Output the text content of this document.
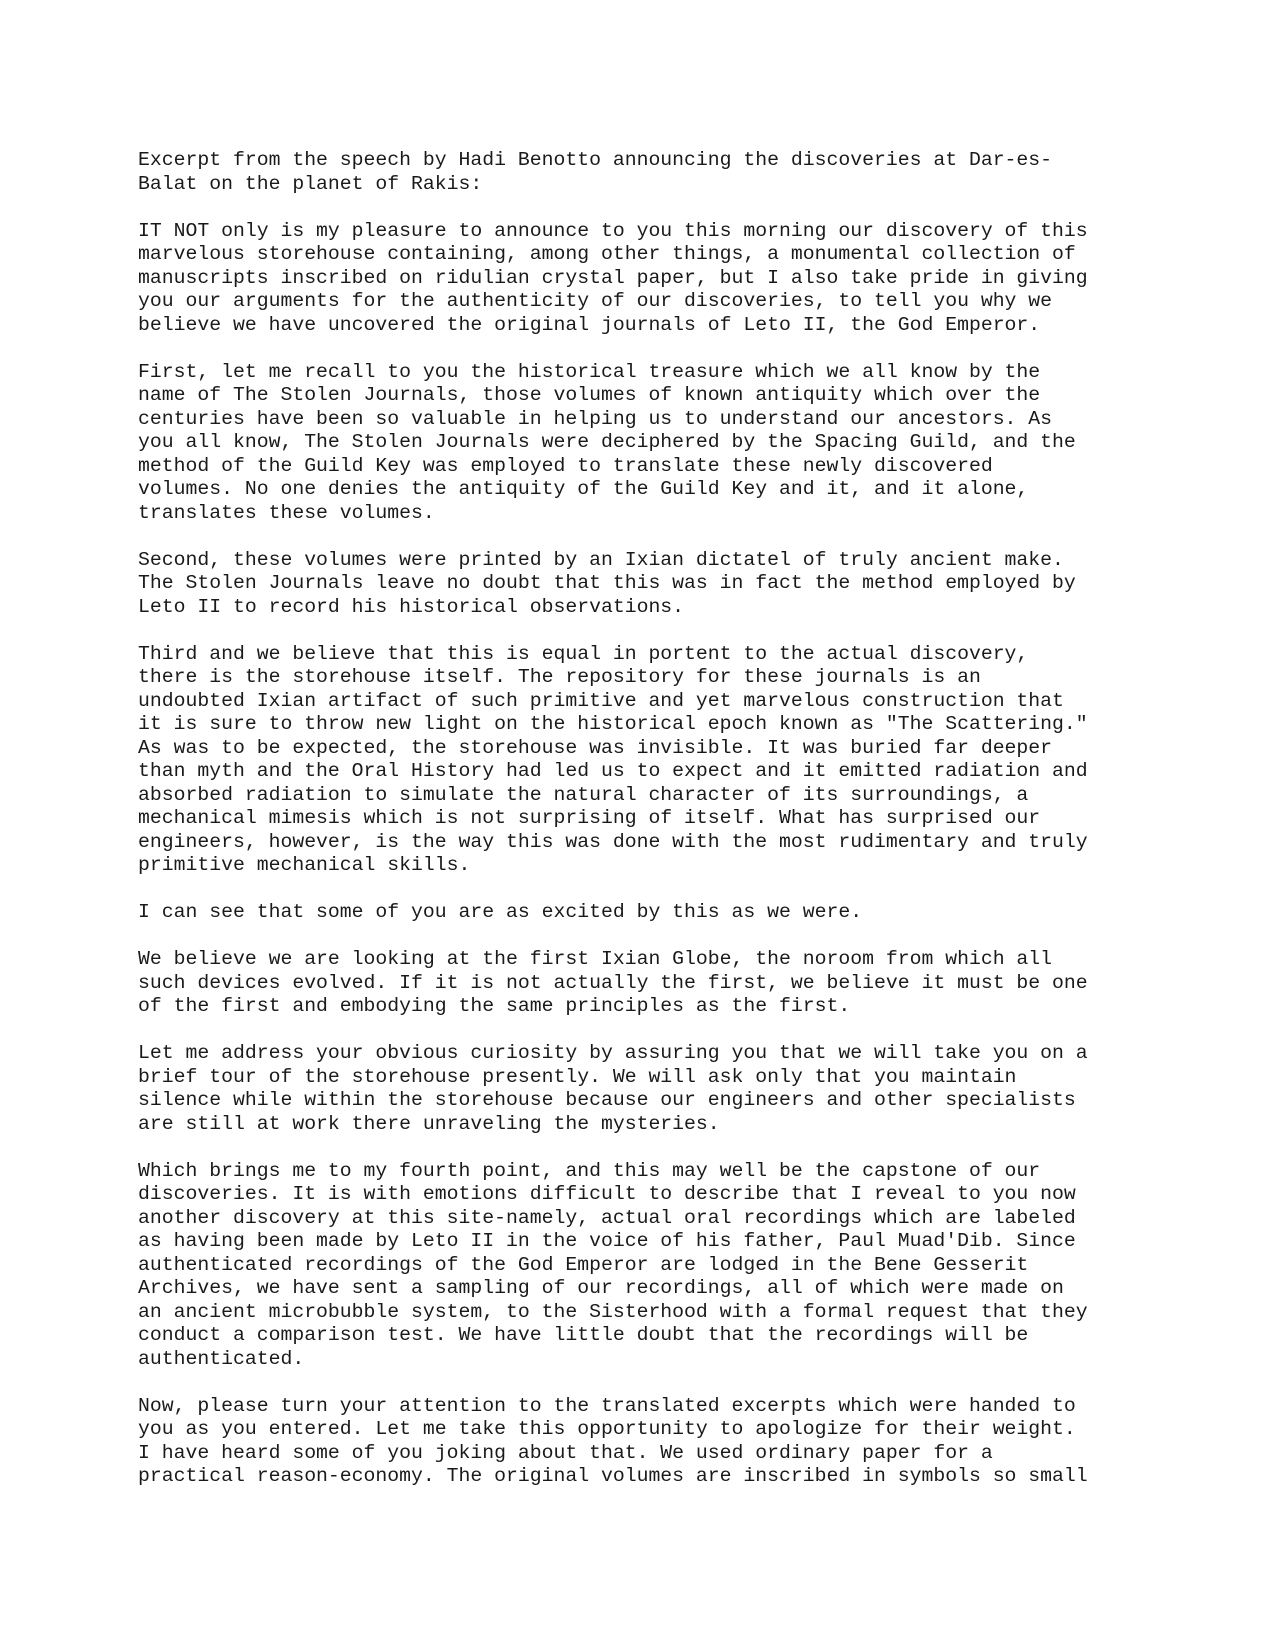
Excerpt from the speech by Hadi Benotto announcing the discoveries at Dar-es-
Balat on the planet of Rakis:

IT NOT only is my pleasure to announce to you this morning our discovery of this
marvelous storehouse containing, among other things, a monumental collection of
manuscripts inscribed on ridulian crystal paper, but I also take pride in giving
you our arguments for the authenticity of our discoveries, to tell you why we
believe we have uncovered the original journals of Leto II, the God Emperor.

First, let me recall to you the historical treasure which we all know by the
name of The Stolen Journals, those volumes of known antiquity which over the
centuries have been so valuable in helping us to understand our ancestors. As
you all know, The Stolen Journals were deciphered by the Spacing Guild, and the
method of the Guild Key was employed to translate these newly discovered
volumes. No one denies the antiquity of the Guild Key and it, and it alone,
translates these volumes.

Second, these volumes were printed by an Ixian dictatel of truly ancient make.
The Stolen Journals leave no doubt that this was in fact the method employed by
Leto II to record his historical observations.

Third and we believe that this is equal in portent to the actual discovery,
there is the storehouse itself. The repository for these journals is an
undoubted Ixian artifact of such primitive and yet marvelous construction that
it is sure to throw new light on the historical epoch known as "The Scattering."
As was to be expected, the storehouse was invisible. It was buried far deeper
than myth and the Oral History had led us to expect and it emitted radiation and
absorbed radiation to simulate the natural character of its surroundings, a
mechanical mimesis which is not surprising of itself. What has surprised our
engineers, however, is the way this was done with the most rudimentary and truly
primitive mechanical skills.

I can see that some of you are as excited by this as we were.

We believe we are looking at the first Ixian Globe, the noroom from which all
such devices evolved. If it is not actually the first, we believe it must be one
of the first and embodying the same principles as the first.

Let me address your obvious curiosity by assuring you that we will take you on a
brief tour of the storehouse presently. We will ask only that you maintain
silence while within the storehouse because our engineers and other specialists
are still at work there unraveling the mysteries.

Which brings me to my fourth point, and this may well be the capstone of our
discoveries. It is with emotions difficult to describe that I reveal to you now
another discovery at this site-namely, actual oral recordings which are labeled
as having been made by Leto II in the voice of his father, Paul Muad'Dib. Since
authenticated recordings of the God Emperor are lodged in the Bene Gesserit
Archives, we have sent a sampling of our recordings, all of which were made on
an ancient microbubble system, to the Sisterhood with a formal request that they
conduct a comparison test. We have little doubt that the recordings will be
authenticated.

Now, please turn your attention to the translated excerpts which were handed to
you as you entered. Let me take this opportunity to apologize for their weight.
I have heard some of you joking about that. We used ordinary paper for a
practical reason-economy. The original volumes are inscribed in symbols so small
